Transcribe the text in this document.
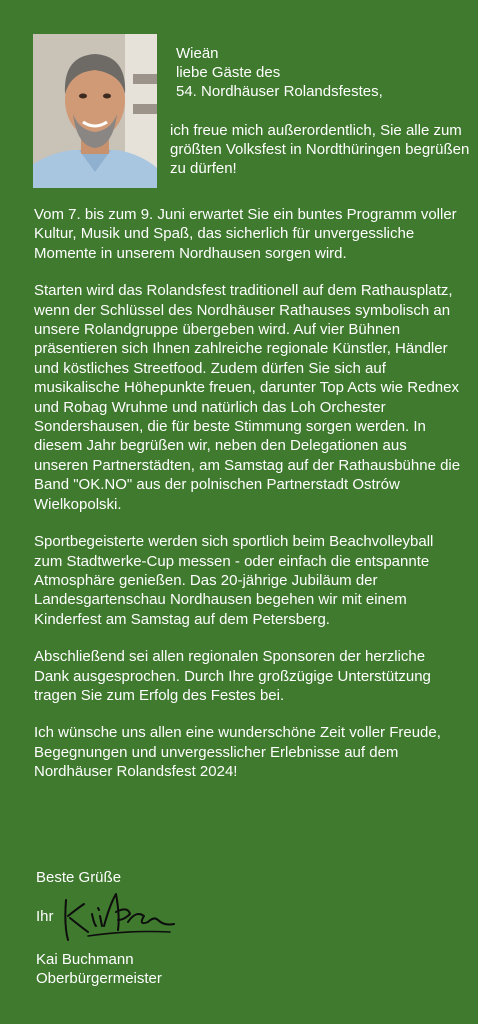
Wieän
liebe Gäste des
54. Nordhäuser Rolandsfestes,
ich freue mich außerordentlich, Sie alle zum größten Volksfest in Nordthüringen begrüßen zu dürfen!

Vom 7. bis zum 9. Juni erwartet Sie ein buntes Programm voller Kultur, Musik und Spaß, das sicherlich für unvergessliche Momente in unserem Nordhausen sorgen wird.

Starten wird das Rolandsfest traditionell auf dem Rathausplatz, wenn der Schlüssel des Nordhäuser Rathauses symbolisch an unsere Rolandgruppe übergeben wird. Auf vier Bühnen präsentieren sich Ihnen zahlreiche regionale Künstler, Händler und köstliches Streetfood. Zudem dürfen Sie sich auf musikalische Höhepunkte freuen, darunter Top Acts wie Rednex und Robag Wruhme und natürlich das Loh Orchester Sondershausen, die für beste Stimmung sorgen werden. In diesem Jahr begrüßen wir, neben den Delegationen aus unseren Partnerstädten, am Samstag auf der Rathausbühne die Band "OK.NO" aus der polnischen Partnerstadt Ostrów Wielkopolski.

Sportbegeisterte werden sich sportlich beim Beachvolleyball zum Stadtwerke-Cup messen - oder einfach die entspannte Atmosphäre genießen. Das 20-jährige Jubiläum der Landesgartenschau Nordhausen begehen wir mit einem Kinderfest am Samstag auf dem Petersberg.

Abschließend sei allen regionalen Sponsoren der herzliche Dank ausgesprochen. Durch Ihre großzügige Unterstützung tragen Sie zum Erfolg des Festes bei.

Ich wünsche uns allen eine wunderschöne Zeit voller Freude, Begegnungen und unvergesslicher Erlebnisse auf dem Nordhäuser Rolandsfest 2024!

Beste Grüße
Ihr
Kai Buchmann
Oberbürgermeister
